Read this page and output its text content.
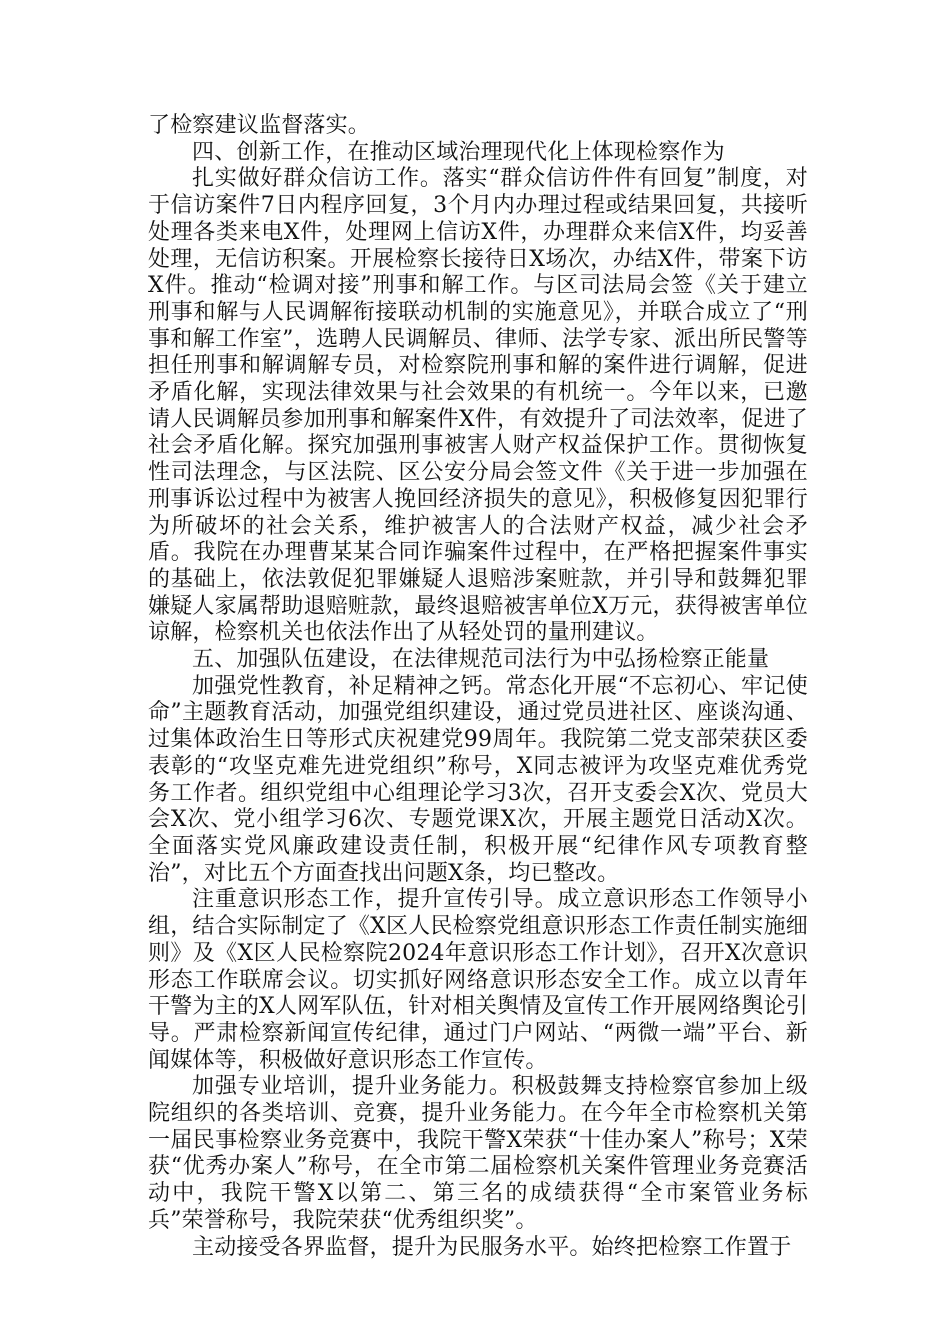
了检察建议监督落实。

四、创新工作，在推动区域治理现代化上体现检察作为

扎实做好群众信访工作。落实“群众信访件件有回复”制度，对于信访案件7日内程序回复，3个月内办理过程或结果回复，共接听处理各类来电X件，处理网上信访X件，办理群众来信X件，均妥善处理，无信访积案。开展检察长接待日X场次，办结X件，带案下访X件。推动“检调对接”刑事和解工作。与区司法局会签《关于建立刑事和解与人民调解衔接联动机制的实施意见》，并联合成立了“刑事和解工作室”，选聘人民调解员、律师、法学专家、派出所民警等担任刑事和解调解专员，对检察院刑事和解的案件进行调解，促进矛盾化解，实现法律效果与社会效果的有机统一。今年以来，已邀请人民调解员参加刑事和解案件X件，有效提升了司法效率，促进了社会矛盾化解。探究加强刑事被害人财产权益保护工作。贯彻恢复性司法理念，与区法院、区公安分局会签文件《关于进一步加强在刑事诉讼过程中为被害人挽回经济损失的意见》，积极修复因犯罪行为所破坏的社会关系，维护被害人的合法财产权益，减少社会矛盾。我院在办理曹某某合同诈骗案件过程中，在严格把握案件事实的基础上，依法敦促犯罪嫌疑人退赔涉案赃款，并引导和鼓舞犯罪嫌疑人家属帮助退赔赃款，最终退赔被害单位X万元，获得被害单位谅解，检察机关也依法作出了从轻处罚的量刑建议。

五、加强队伍建设，在法律规范司法行为中弘扬检察正能量

加强党性教育，补足精神之钙。常态化开展“不忘初心、牢记使命”主题教育活动，加强党组织建设，通过党员进社区、座谈沟通、过集体政治生日等形式庆祝建党99周年。我院第二党支部荣获区委表彰的“攻坚克难先进党组织”称号，X同志被评为攻坚克难优秀党务工作者。组织党组中心组理论学习3次，召开支委会X次、党员大会X次、党小组学习6次、专题党课X次，开展主题党日活动X次。全面落实党风廉政建设责任制，积极开展“纪律作风专项教育整治”，对比五个方面查找出问题X条，均已整改。

注重意识形态工作，提升宣传引导。成立意识形态工作领导小组，结合实际制定了《X区人民检察党组意识形态工作责任制实施细则》及《X区人民检察院2024年意识形态工作计划》，召开X次意识形态工作联席会议。切实抓好网络意识形态安全工作。成立以青年干警为主的X人网军队伍，针对相关舆情及宣传工作开展网络舆论引导。严肃检察新闻宣传纪律，通过门户网站、“两微一端”平台、新闻媒体等，积极做好意识形态工作宣传。

加强专业培训，提升业务能力。积极鼓舞支持检察官参加上级院组织的各类培训、竞赛，提升业务能力。在今年全市检察机关第一届民事检察业务竞赛中，我院干警X荣获“十佳办案人”称号；X荣获“优秀办案人”称号，在全市第二届检察机关案件管理业务竞赛活动中，我院干警X以第二、第三名的成绩获得“全市案管业务标兵”荣誉称号，我院荣获“优秀组织奖”。

主动接受各界监督，提升为民服务水平。始终把检察工作置于
